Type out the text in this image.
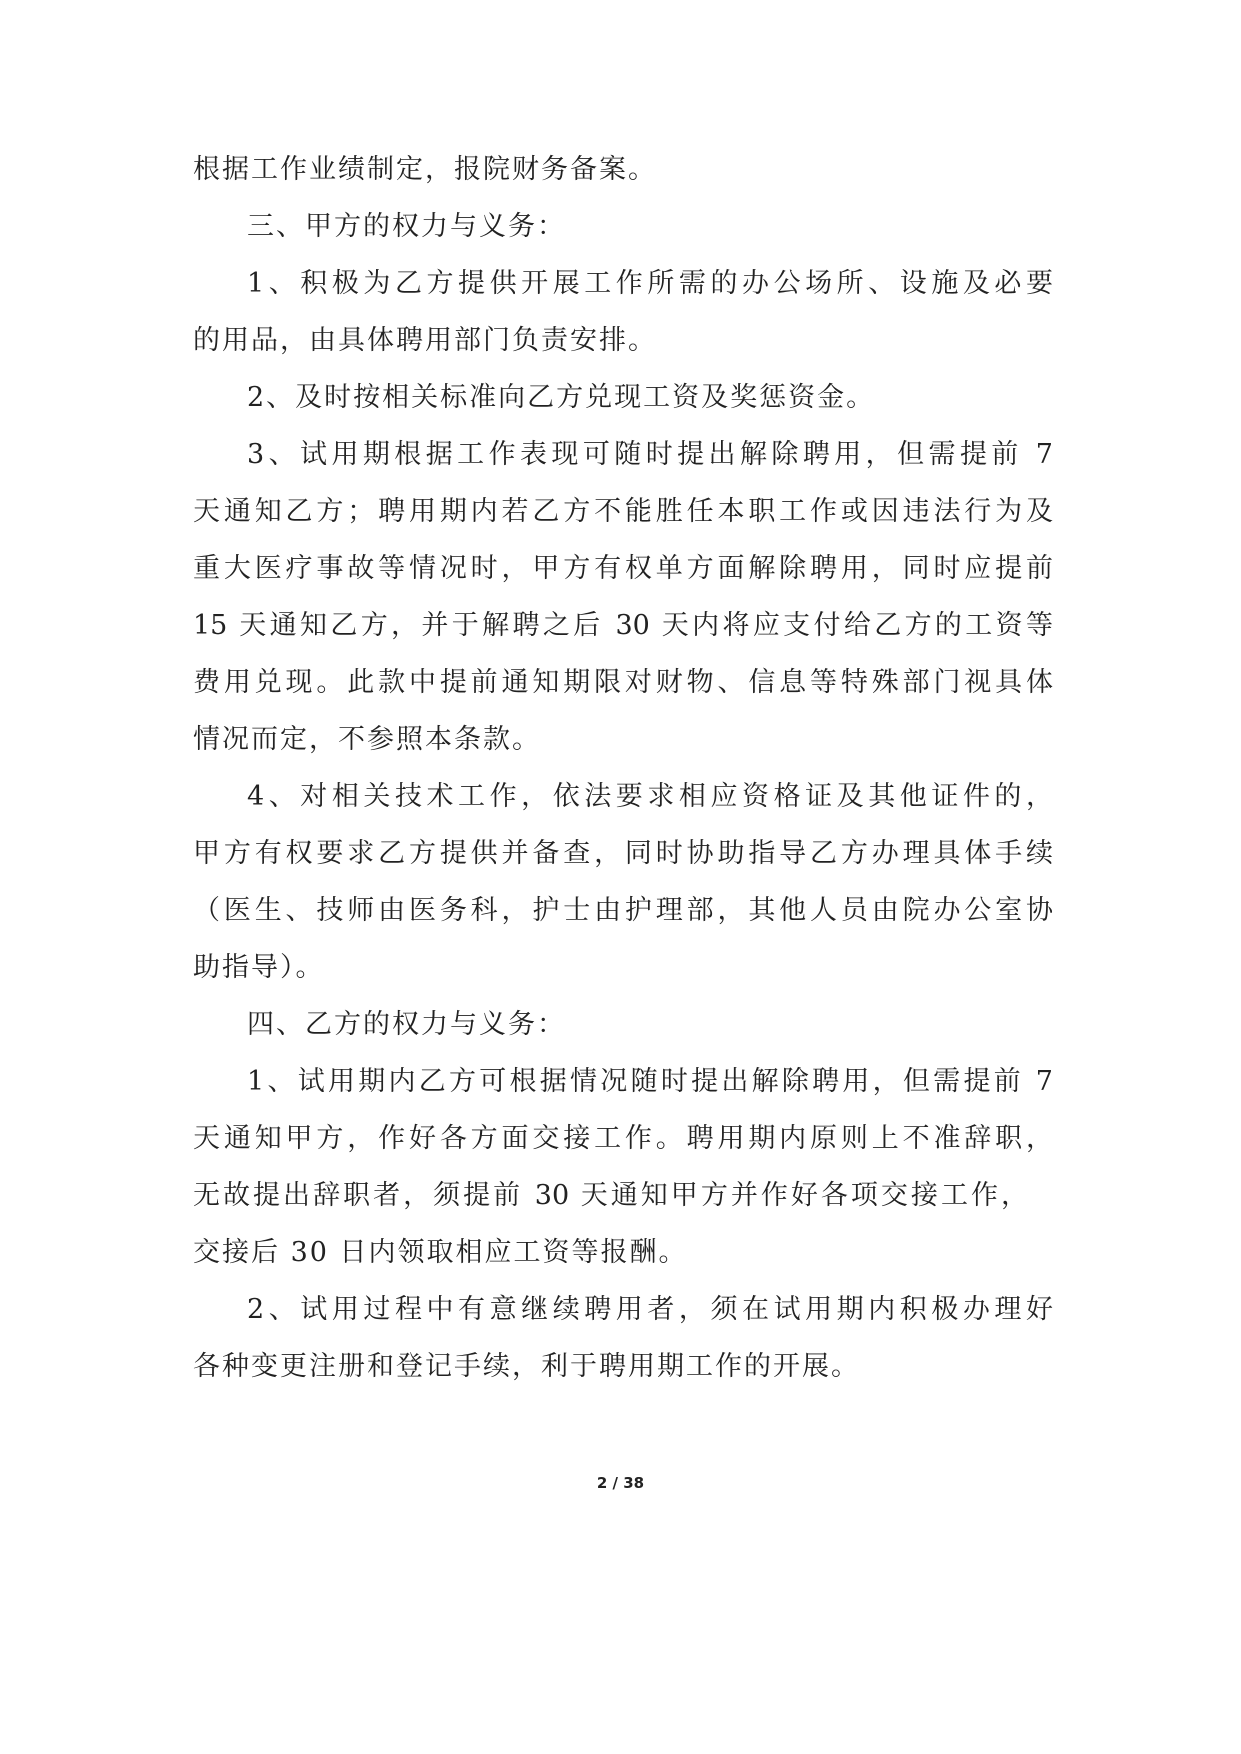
根据工作业绩制定，报院财务备案。
三、甲方的权力与义务：
1、积极为乙方提供开展工作所需的办公场所、设施及必要
的用品，由具体聘用部门负责安排。
2、及时按相关标准向乙方兑现工资及奖惩资金。
3、试用期根据工作表现可随时提出解除聘用，但需提前 7
天通知乙方；聘用期内若乙方不能胜任本职工作或因违法行为及
重大医疗事故等情况时，甲方有权单方面解除聘用，同时应提前
15 天通知乙方，并于解聘之后 30 天内将应支付给乙方的工资等
费用兑现。此款中提前通知期限对财物、信息等特殊部门视具体
情况而定，不参照本条款。
4、对相关技术工作，依法要求相应资格证及其他证件的，
甲方有权要求乙方提供并备查，同时协助指导乙方办理具体手续
（医生、技师由医务科，护士由护理部，其他人员由院办公室协
助指导）。
四、乙方的权力与义务：
1、试用期内乙方可根据情况随时提出解除聘用，但需提前 7
天通知甲方，作好各方面交接工作。聘用期内原则上不准辞职，
无故提出辞职者，须提前 30 天通知甲方并作好各项交接工作，
交接后 30 日内领取相应工资等报酬。
2、试用过程中有意继续聘用者，须在试用期内积极办理好
各种变更注册和登记手续，利于聘用期工作的开展。
2 / 38
